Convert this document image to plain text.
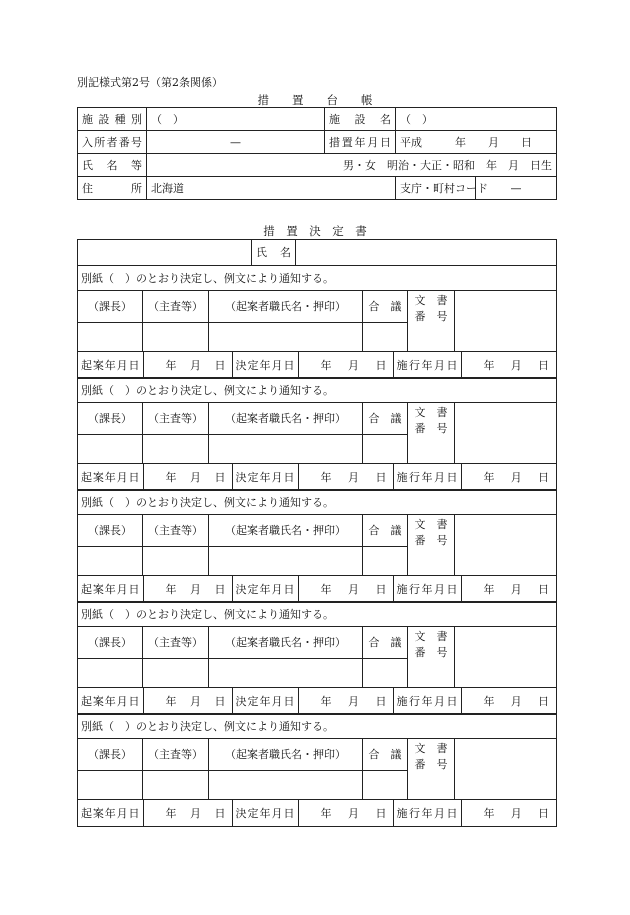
別記様式第2号（第2条関係）
措　　置　　台　　帳
施設種別	（　）	施　設　名	（　）	
入所者番号	—	措置年月日	平成　　　年　　月　　日	
氏　名　等	男・女　明治・大正・昭和　年　月　日生			
住　　所	北海道		支庁・町村コード	—
措　置　決　定　書
	氏　名	
別紙（　）のとおり決定し、例文により通知する。
（課長）	（主査等）	（起案者職氏名・押印）	合　議	文　書
番　号

起案年月日	年　月　日	決定年月日	年　月　日	施行年月日	年　月　日
別紙（　）のとおり決定し、例文により通知する。
（課長）	（主査等）	（起案者職氏名・押印）	合　議	文　書
番　号

起案年月日	年　月　日	決定年月日	年　月　日	施行年月日	年　月　日
別紙（　）のとおり決定し、例文により通知する。
（課長）	（主査等）	（起案者職氏名・押印）	合　議	文　書
番　号

起案年月日	年　月　日	決定年月日	年　月　日	施行年月日	年　月　日
別紙（　）のとおり決定し、例文により通知する。
（課長）	（主査等）	（起案者職氏名・押印）	合　議	文　書
番　号

起案年月日	年　月　日	決定年月日	年　月　日	施行年月日	年　月　日
別紙（　）のとおり決定し、例文により通知する。
（課長）	（主査等）	（起案者職氏名・押印）	合　議	文　書
番　号

起案年月日	年　月　日	決定年月日	年　月　日	施行年月日	年　月　日
